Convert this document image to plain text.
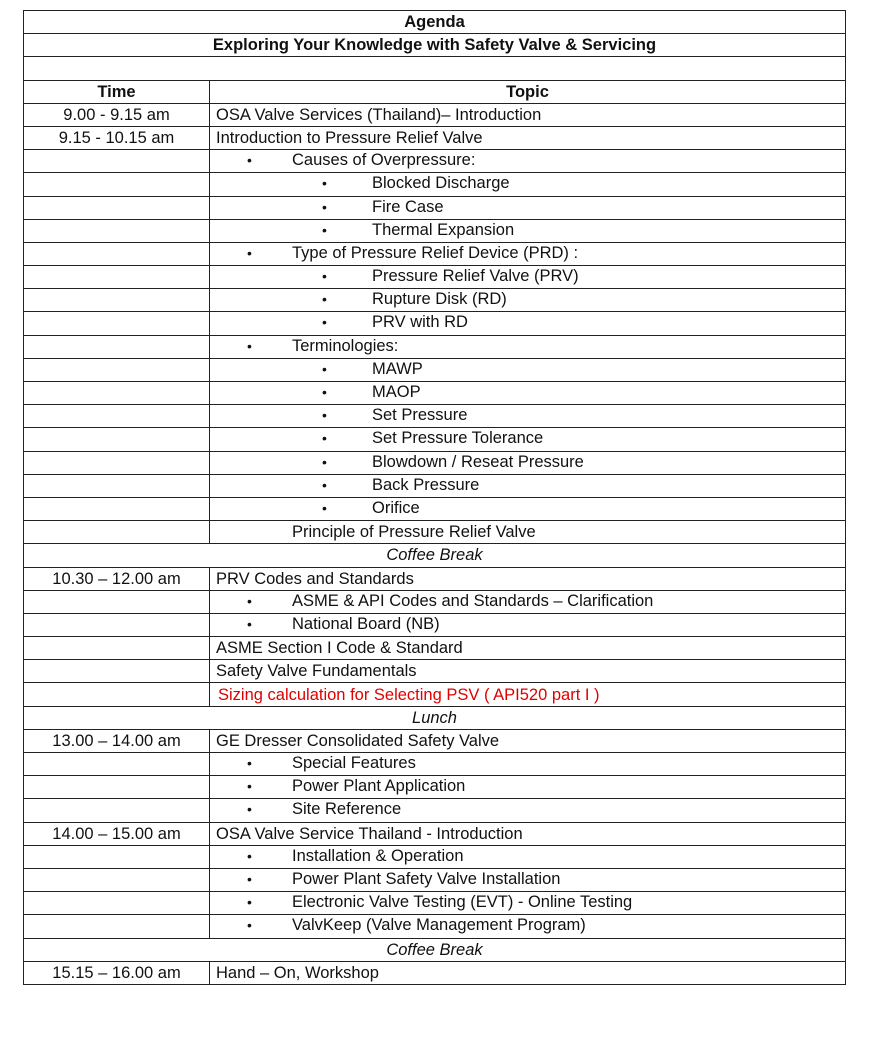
Agenda	
Exploring Your Knowledge with Safety Valve & Servicing	

Time	Topic
9.00 - 9.15 am	OSA Valve Services (Thailand)– Introduction
9.15 - 10.15 am	Introduction to Pressure Relief Valve

	• Causes of Overpressure:

	• Blocked Discharge

	• Fire Case

	• Thermal Expansion

	• Type of Pressure Relief Device (PRD) :

	• Pressure Relief Valve (PRV)

	• Rupture Disk (RD)

	• PRV with RD

	• Terminologies:

	• MAWP

	• MAOP

	• Set Pressure

	• Set Pressure Tolerance

	• Blowdown / Reseat Pressure

	• Back Pressure

	• Orifice

	Principle of Pressure Relief Valve
Coffee Break	
10.30 – 12.00 am	PRV Codes and Standards

	• ASME & API Codes and Standards – Clarification

	• National Board (NB)

	ASME Section I Code & Standard
	Safety Valve Fundamentals
	Sizing calculation for Selecting PSV ( API520 part I )
Lunch	
13.00 – 14.00 am	GE Dresser Consolidated Safety Valve

	• Special Features

	• Power Plant Application

	• Site Reference

14.00 – 15.00 am	OSA Valve Service Thailand - Introduction

	• Installation & Operation

	• Power Plant Safety Valve Installation

	• Electronic Valve Testing (EVT) - Online Testing

	• ValvKeep (Valve Management Program)

Coffee Break	
15.15 – 16.00 am	Hand – On, Workshop
